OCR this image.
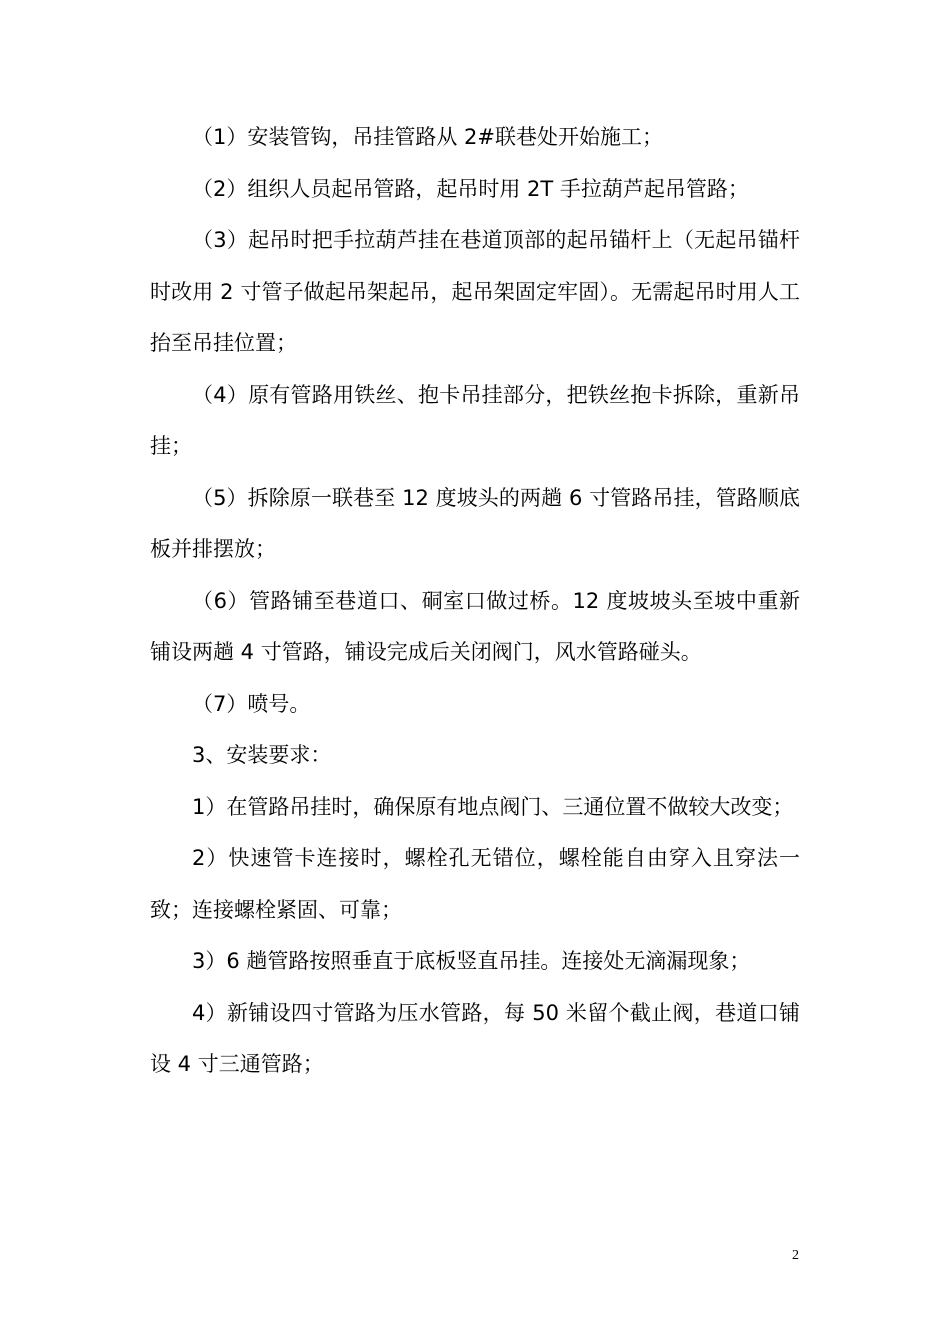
（1）安装管钩，吊挂管路从 2#联巷处开始施工；

（2）组织人员起吊管路，起吊时用 2T 手拉葫芦起吊管路；

（3）起吊时把手拉葫芦挂在巷道顶部的起吊锚杆上（无起吊锚杆时改用 2 寸管子做起吊架起吊，起吊架固定牢固）。无需起吊时用人工抬至吊挂位置；

（4）原有管路用铁丝、抱卡吊挂部分，把铁丝抱卡拆除，重新吊挂；

（5）拆除原一联巷至 12 度坡头的两趟 6 寸管路吊挂，管路顺底板并排摆放；

（6）管路铺至巷道口、硐室口做过桥。12 度坡坡头至坡中重新铺设两趟 4 寸管路，铺设完成后关闭阀门，风水管路碰头。

（7）喷号。

3、安装要求：

1）在管路吊挂时，确保原有地点阀门、三通位置不做较大改变；

2）快速管卡连接时，螺栓孔无错位，螺栓能自由穿入且穿法一致；连接螺栓紧固、可靠；

3）6 趟管路按照垂直于底板竖直吊挂。连接处无滴漏现象；

4）新铺设四寸管路为压水管路，每 50 米留个截止阀，巷道口铺设 4 寸三通管路；

2
